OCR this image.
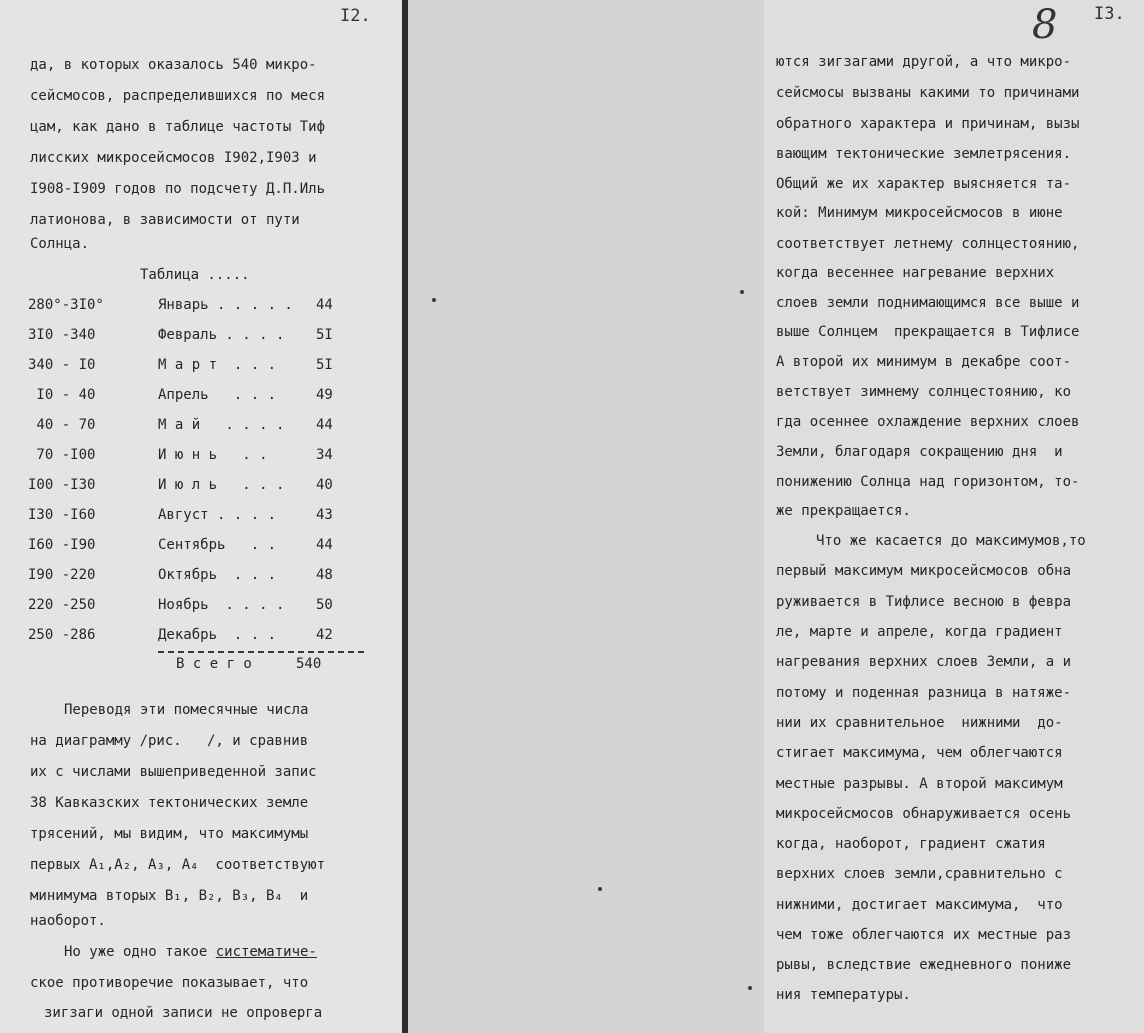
I2.
да, в которых оказалось 540 микро-
сейсмосов, распределившихся по меся
цам, как дано в таблице частоты Тиф
лисских микросейсмосов I902,I903 и
I908-I909 годов по подсчету Д.П.Иль
латионова, в зависимости от пути
Солнца.
Таблица .....
280°-3I0°	Январь . . . . . 44
3I0 -340	Февраль . . . . 5I
340 - I0	М а р т  . . .	5I
I0 - 40	Апрель   . . .	49
40 - 70	М а й   . . . . 44
70 -I00	И ю н ь   . .	34
I00 -I30	И ю л ь   . . . 40
I30 -I60	Август . . . .	43
I60 -I90	Сентябрь   . .	44
I90 -220	Октябрь  . . .	48
220 -250	Ноябрь  . . . . 50
250 -286	Декабрь  . . .	42
В с е г о	540
Переводя эти помесячные числа
на диаграмму /рис.   /, и сравнив
их с числами вышеприведенной запис
38 Кавказских тектонических земле
трясений, мы видим, что максимумы
первых A₁,A₂, A₃, A₄  соответствуют
минимума вторых B₁, B₂, B₃, B₄  и
наоборот.
Но уже одно такое систематиче-
ское противоречие показывает, что
зигзаги одной записи не опроверга
8 I3.
ются зигзагами другой, а что микро-
сейсмосы вызваны какими то причинами
обратного характера и причинам, вызы
вающим тектонические землетрясения.
Общий же их характер выясняется та-
кой: Минимум микросейсмосов в июне
соответствует летнему солнцестоянию,
когда весеннее нагревание верхних
слоев земли поднимающимся все выше и
выше Солнцем  прекращается в Тифлисе
А второй их минимум в декабре соот-
ветствует зимнему солнцестоянию, ко
гда осеннее охлаждение верхних слоев
Земли, благодаря сокращению дня  и
понижению Солнца над горизонтом, то-
же прекращается.
Что же касается до максимумов,то
первый максимум микросейсмосов обна
руживается в Тифлисе весною в февра
ле, марте и апреле, когда градиент
нагревания верхних слоев Земли, а и
потому и поденная разница в натяже-
нии их сравнительное  нижними  до-
стигает максимума, чем облегчаются
местные разрывы. А второй максимум
микросейсмосов обнаруживается осень
когда, наоборот, градиент сжатия
верхних слоев земли,сравнительно с
нижними, достигает максимума,  что
чем тоже облегчаются их местные раз
рывы, вследствие ежедневного пониже
ния температуры.
